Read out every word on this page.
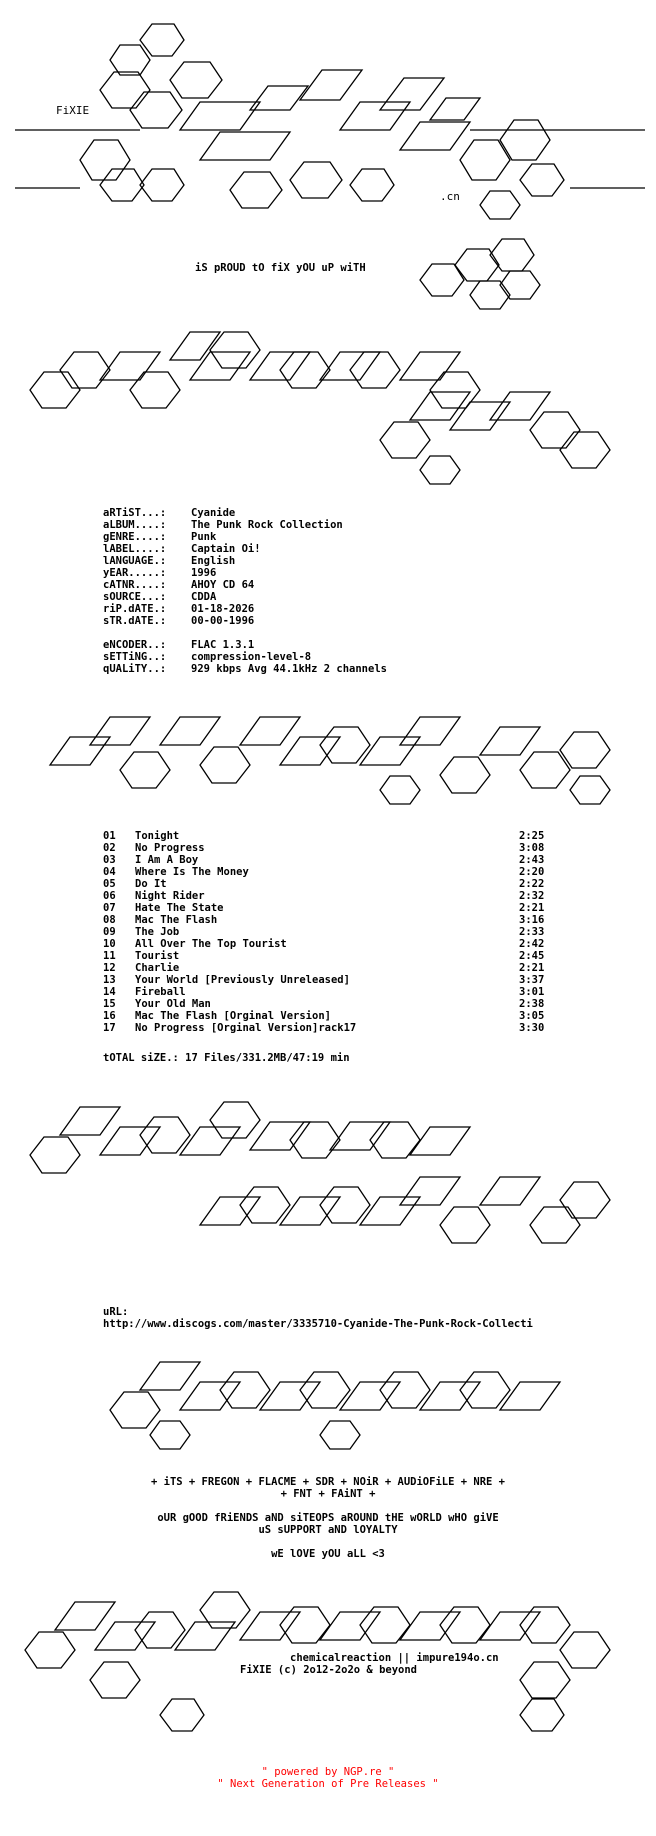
FiXIE
.cn

iS pROUD tO fiX yOU uP wiTH

aRTiST...: Cyanide
aLBUM....: The Punk Rock Collection
gENRE....: Punk
lABEL....: Captain Oi!
lANGUAGE.: English
yEAR.....: 1996
cATNR....: AHOY CD 64
sOURCE...: CDDA
riP.dATE.: 01-18-2026
sTR.dATE.: 00-00-1996
eNCODER..: FLAC 1.3.1
sETTiNG..: compression-level-8
qUALiTY..: 929 kbps Avg 44.1kHz 2 channels
01 Tonight	2:25
02 No Progress	3:08
03 I Am A Boy	2:43
04 Where Is The Money	2:20
05 Do It	2:22
06 Night Rider	2:32
07 Hate The State	2:21
08 Mac The Flash	3:16
09 The Job	2:33
10 All Over The Top Tourist	2:42
11 Tourist	2:45
12 Charlie	2:21
13 Your World [Previously Unreleased]	3:37
14 Fireball	3:01
15 Your Old Man	2:38
16 Mac The Flash [Orginal Version]	3:05
17 No Progress [Orginal Version]rack17	3:30

tOTAL siZE.: 17 Files/331.2MB/47:19 min

uRL:

http://www.discogs.com/master/3335710-Cyanide-The-Punk-Rock-Collecti

+ iTS + FREGON + FLACME + SDR + NOiR + AUDiOFiLE + NRE +

+ FNT + FAiNT +

oUR gOOD fRiENDS aND siTEOPS aROUND tHE wORLD wHO giVE

uS sUPPORT aND lOYALTY

wE lOVE yOU aLL <3

chemicalreaction || impure194o.cn

FiXIE (c) 2o12-2o2o & beyond

" powered by NGP.re "

" Next Generation of Pre Releases "
